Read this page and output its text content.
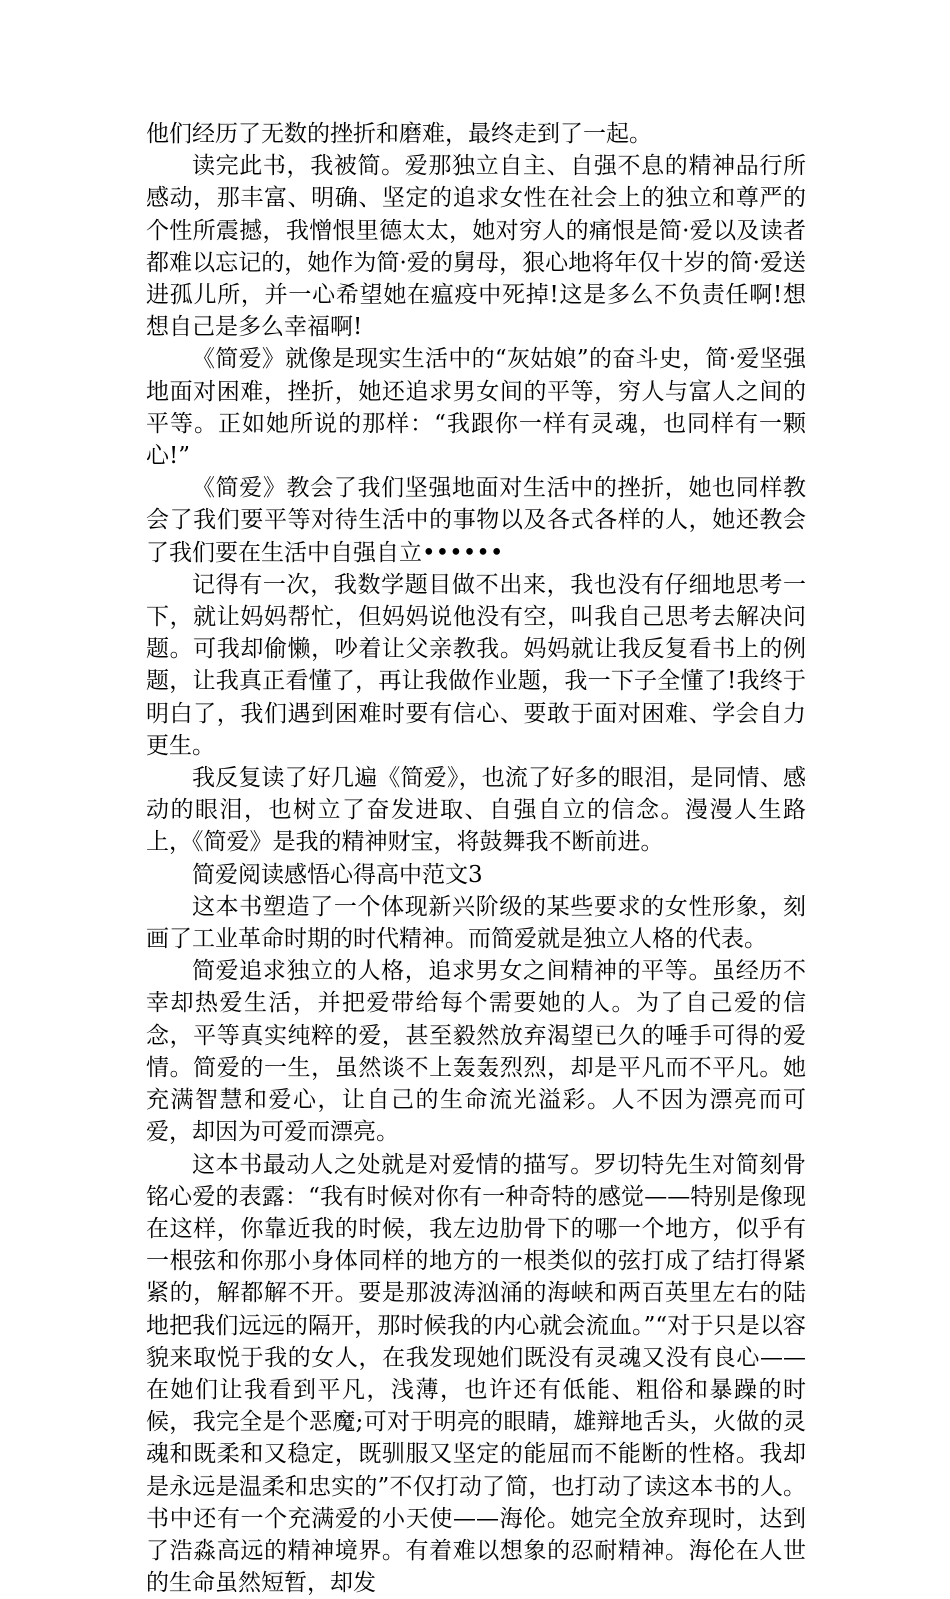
他们经历了无数的挫折和磨难，最终走到了一起。

读完此书，我被简。爱那独立自主、自强不息的精神品行所感动，那丰富、明确、坚定的追求女性在社会上的独立和尊严的个性所震撼，我憎恨里德太太，她对穷人的痛恨是简·爱以及读者都难以忘记的，她作为简·爱的舅母，狠心地将年仅十岁的简·爱送进孤儿所，并一心希望她在瘟疫中死掉!这是多么不负责任啊!想想自己是多么幸福啊!

《简爱》就像是现实生活中的“灰姑娘”的奋斗史，简·爱坚强地面对困难，挫折，她还追求男女间的平等，穷人与富人之间的平等。正如她所说的那样：“我跟你一样有灵魂，也同样有一颗心!”

《简爱》教会了我们坚强地面对生活中的挫折，她也同样教会了我们要平等对待生活中的事物以及各式各样的人，她还教会了我们要在生活中自强自立••••••

记得有一次，我数学题目做不出来，我也没有仔细地思考一下，就让妈妈帮忙，但妈妈说他没有空，叫我自己思考去解决问题。可我却偷懒，吵着让父亲教我。妈妈就让我反复看书上的例题，让我真正看懂了，再让我做作业题，我一下子全懂了!我终于明白了，我们遇到困难时要有信心、要敢于面对困难、学会自力更生。

我反复读了好几遍《简爱》，也流了好多的眼泪，是同情、感动的眼泪，也树立了奋发进取、自强自立的信念。漫漫人生路上，《简爱》是我的精神财宝，将鼓舞我不断前进。

简爱阅读感悟心得高中范文3

这本书塑造了一个体现新兴阶级的某些要求的女性形象，刻画了工业革命时期的时代精神。而简爱就是独立人格的代表。

简爱追求独立的人格，追求男女之间精神的平等。虽经历不幸却热爱生活，并把爱带给每个需要她的人。为了自己爱的信念，平等真实纯粹的爱，甚至毅然放弃渴望已久的唾手可得的爱情。简爱的一生，虽然谈不上轰轰烈烈，却是平凡而不平凡。她充满智慧和爱心，让自己的生命流光溢彩。人不因为漂亮而可爱，却因为可爱而漂亮。

这本书最动人之处就是对爱情的描写。罗切特先生对简刻骨铭心爱的表露：“我有时候对你有一种奇特的感觉——特别是像现在这样，你靠近我的时候，我左边肋骨下的哪一个地方，似乎有一根弦和你那小身体同样的地方的一根类似的弦打成了结打得紧紧的，解都解不开。要是那波涛汹涌的海峡和两百英里左右的陆地把我们远远的隔开，那时候我的内心就会流血。”“对于只是以容貌来取悦于我的女人，在我发现她们既没有灵魂又没有良心——在她们让我看到平凡，浅薄，也许还有低能、粗俗和暴躁的时候，我完全是个恶魔;可对于明亮的眼睛，雄辩地舌头，火做的灵魂和既柔和又稳定，既驯服又坚定的能屈而不能断的性格。我却是永远是温柔和忠实的”不仅打动了简，也打动了读这本书的人。书中还有一个充满爱的小天使——海伦。她完全放弃现时，达到了浩淼高远的精神境界。有着难以想象的忍耐精神。海伦在人世的生命虽然短暂，却发
